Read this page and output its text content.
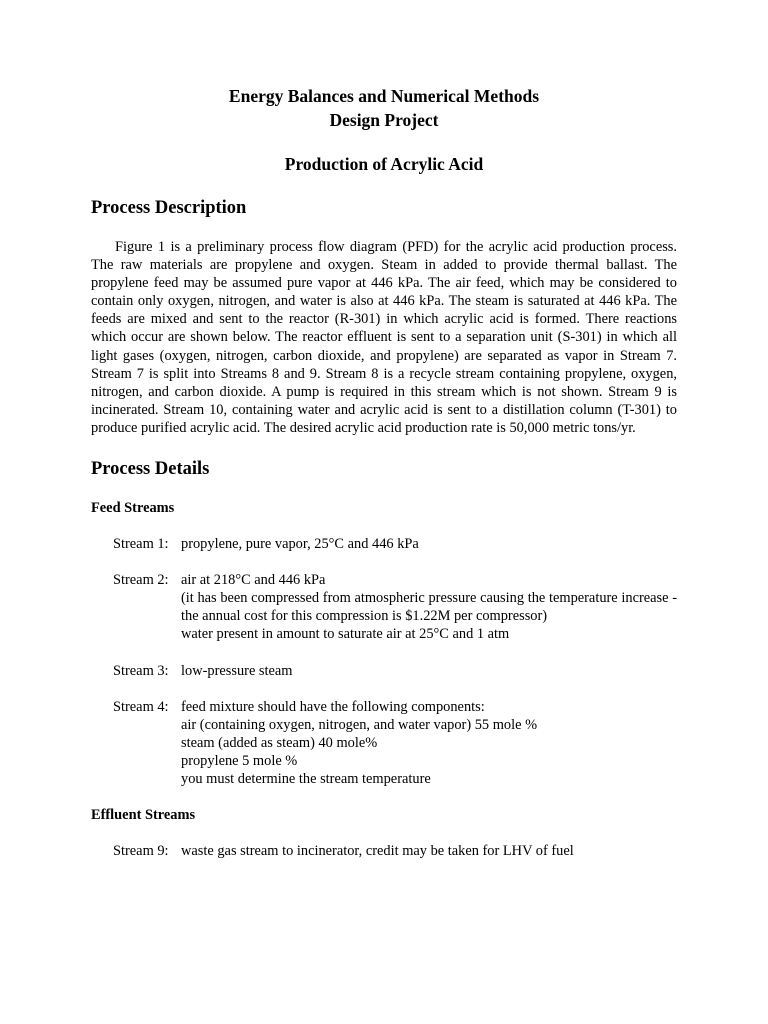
Energy Balances and Numerical Methods
Design Project
Production of Acrylic Acid
Process Description

Figure 1 is a preliminary process flow diagram (PFD) for the acrylic acid production process. The raw materials are propylene and oxygen. Steam in added to provide thermal ballast. The propylene feed may be assumed pure vapor at 446 kPa. The air feed, which may be considered to contain only oxygen, nitrogen, and water is also at 446 kPa. The steam is saturated at 446 kPa. The feeds are mixed and sent to the reactor (R-301) in which acrylic acid is formed. There reactions which occur are shown below. The reactor effluent is sent to a separation unit (S-301) in which all light gases (oxygen, nitrogen, carbon dioxide, and propylene) are separated as vapor in Stream 7. Stream 7 is split into Streams 8 and 9. Stream 8 is a recycle stream containing propylene, oxygen, nitrogen, and carbon dioxide. A pump is required in this stream which is not shown. Stream 9 is incinerated. Stream 10, containing water and acrylic acid is sent to a distillation column (T-301) to produce purified acrylic acid. The desired acrylic acid production rate is 50,000 metric tons/yr.

Process Details
Feed Streams
Stream 1: propylene, pure vapor, 25°C and 446 kPa
Stream 2: air at 218°C and 446 kPa
(it has been compressed from atmospheric pressure causing the temperature increase - the annual cost for this compression is $1.22M per compressor)
water present in amount to saturate air at 25°C and 1 atm
Stream 3: low-pressure steam
Stream 4: feed mixture should have the following components:
air (containing oxygen, nitrogen, and water vapor) 55 mole %
steam (added as steam) 40 mole%
propylene 5 mole %
you must determine the stream temperature
Effluent Streams
Stream 9: waste gas stream to incinerator, credit may be taken for LHV of fuel
